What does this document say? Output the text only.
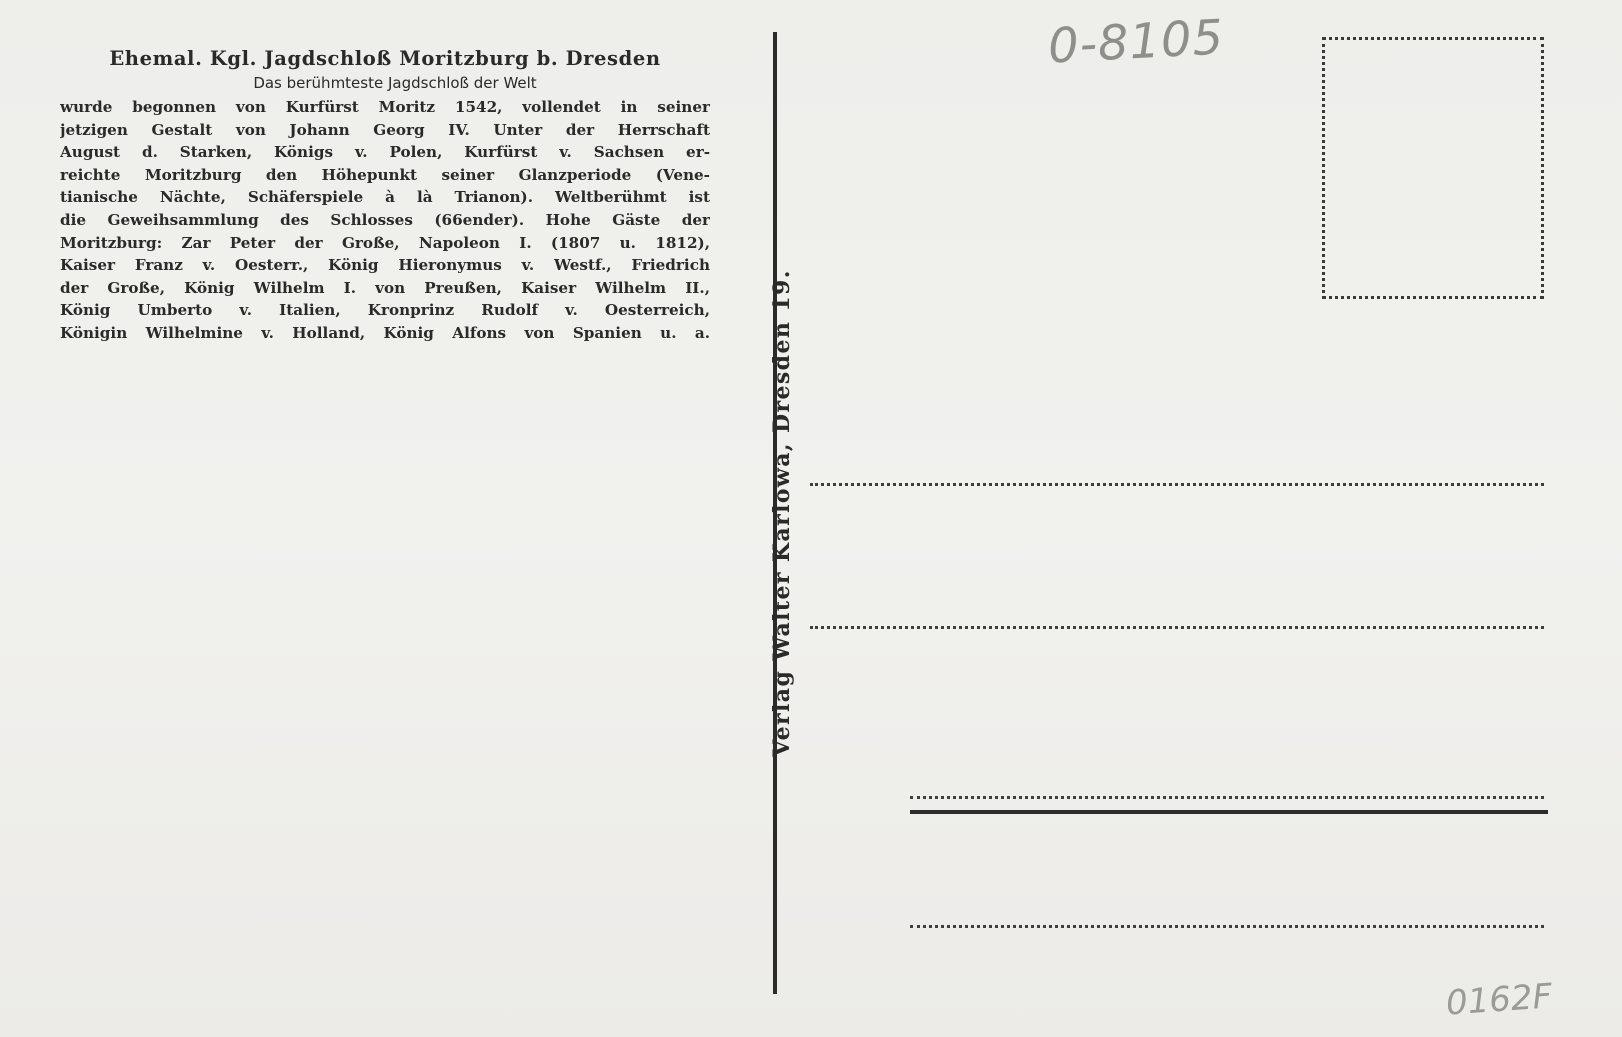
Ehemal. Kgl. Jagdschloß Moritzburg b. Dresden

Das berühmteste Jagdschloß der Welt

wurde begonnen von Kurfürst Moritz 1542, vollendet in seiner
jetzigen Gestalt von Johann Georg IV. Unter der Herrschaft
August d. Starken, Königs v. Polen, Kurfürst v. Sachsen er-
reichte Moritzburg den Höhepunkt seiner Glanzperiode (Vene-
tianische Nächte, Schäferspiele à là Trianon). Weltberühmt ist
die Geweihsammlung des Schlosses (66ender). Hohe Gäste der
Moritzburg: Zar Peter der Große, Napoleon I. (1807 u. 1812),
Kaiser Franz v. Oesterr., König Hieronymus v. Westf., Friedrich
der Große, König Wilhelm I. von Preußen, Kaiser Wilhelm II.,
König Umberto v. Italien, Kronprinz Rudolf v. Oesterreich,
Königin Wilhelmine v. Holland, König Alfons von Spanien u. a.	Verlag Walter Karlowa, Dresden 19.
0-8105
0162F
